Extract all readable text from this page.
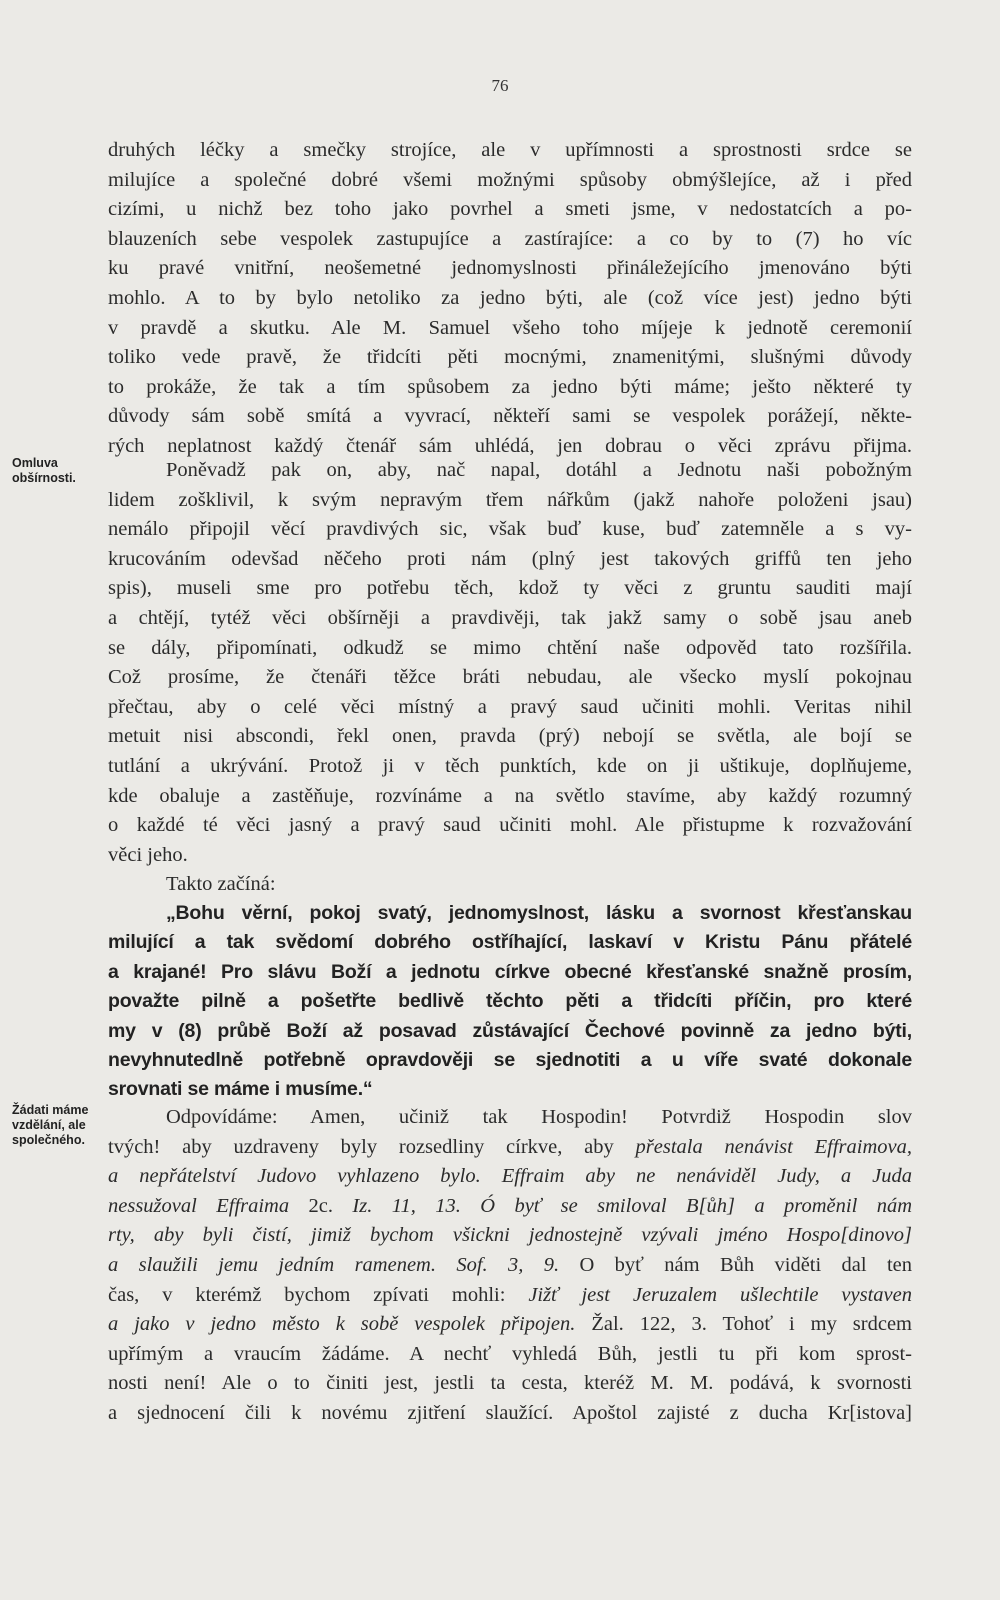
76
Omluva
obšírnosti.
Žádati máme
vzdělání, ale
společného.
druhých léčky a smečky strojíce, ale v upřímnosti a sprostnosti srdce se
milujíce a společné dobré všemi možnými spůsoby obmýšlejíce, až i před
cizími, u nichž bez toho jako povrhel a smeti jsme, v nedostatcích a po-
blauzeních sebe vespolek zastupujíce a zastírajíce: a co by to (7) ho víc
ku pravé vnitřní, neošemetné jednomyslnosti přináležejícího jmenováno býti
mohlo. A to by bylo netoliko za jedno býti, ale (což více jest) jedno býti
v pravdě a skutku. Ale M. Samuel všeho toho míjeje k jednotě ceremonií
toliko vede pravě, že třidcíti pěti mocnými, znamenitými, slušnými důvody
to prokáže, že tak a tím spůsobem za jedno býti máme; ješto některé ty
důvody sám sobě smítá a vyvrací, někteří sami se vespolek porážejí, někte-
rých neplatnost každý čtenář sám uhlédá, jen dobrau o věci zprávu přijma.
Poněvadž pak on, aby, nač napal, dotáhl a Jednotu naši pobožným
lidem zošklivil, k svým nepravým třem nářkům (jakž nahoře položeni jsau)
nemálo připojil věcí pravdivých sic, však buď kuse, buď zatemněle a s vy-
krucováním odevšad něčeho proti nám (plný jest takových griffů ten jeho
spis), museli sme pro potřebu těch, kdož ty věci z gruntu sauditi mají
a chtějí, tytéž věci obšírněji a pravdivěji, tak jakž samy o sobě jsau aneb
se dály, připomínati, odkudž se mimo chtění naše odpověd tato rozšířila.
Což prosíme, že čtenáři těžce bráti nebudau, ale všecko myslí pokojnau
přečtau, aby o celé věci místný a pravý saud učiniti mohli. Veritas nihil
metuit nisi abscondi, řekl onen, pravda (prý) nebojí se světla, ale bojí se
tutlání a ukrývání. Protož ji v těch punktích, kde on ji uštikuje, doplňujeme,
kde obaluje a zastěňuje, rozvínáme a na světlo stavíme, aby každý rozumný
o každé té věci jasný a pravý saud učiniti mohl. Ale přistupme k rozvažování
věci jeho.
Takto začíná:
„Bohu věrní, pokoj svatý, jednomyslnost, lásku a svornost křesťanskau
milující a tak svědomí dobrého ostříhající, laskaví v Kristu Pánu přátelé
a krajané! Pro slávu Boží a jednotu církve obecné křesťanské snažně prosím,
považte pilně a pošetřte bedlivě těchto pěti a třidcíti příčin, pro které
my v (8) průbě Boží až posavad zůstávající Čechové povinně za jedno býti,
nevyhnutedlně potřebně opravdověji se sjednotiti a u víře svaté dokonale
srovnati se máme i musíme.“
Odpovídáme: Amen, učiniž tak Hospodin! Potvrdiž Hospodin slov
tvých! aby uzdraveny byly rozsedliny církve, aby přestala nenávist Effraimova,
a nepřátelství Judovo vyhlazeno bylo. Effraim aby ne nenáviděl Judy, a Juda
nessužoval Effraima 2c. Iz. 11, 13. Ó byť se smiloval B[ůh] a proměnil nám
rty, aby byli čistí, jimiž bychom všickni jednostejně vzývali jméno Hospo[dinovo]
a slaužili jemu jedním ramenem. Sof. 3, 9. O byť nám Bůh viděti dal ten
čas, v kterémž bychom zpívati mohli: Jižť jest Jeruzalem ušlechtile vystaven
a jako v jedno město k sobě vespolek připojen. Žal. 122, 3. Tohoť i my srdcem
upřímým a vraucím žádáme. A nechť vyhledá Bůh, jestli tu při kom sprost-
nosti není! Ale o to činiti jest, jestli ta cesta, kteréž M. M. podává, k svornosti
a sjednocení čili k novému zjitření slaužící. Apoštol zajisté z ducha Kr[istova]
